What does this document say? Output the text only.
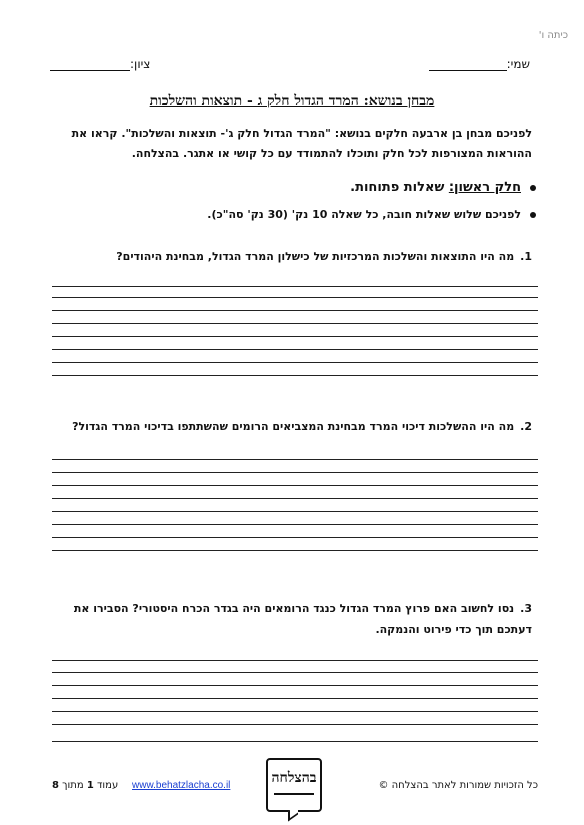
כיתה ו'
שמי:
ציון:
מבחן בנושא: המרד הגדול חלק ג - תוצאות והשלכות
לפניכם מבחן בן ארבעה חלקים בנושא: "המרד הגדול חלק ג'- תוצאות והשלכות". קראו את ההוראות המצורפות לכל חלק ותוכלו להתמודד עם כל קושי או אתגר. בהצלחה.
חלק ראשון: שאלות פתוחות.
לפניכם שלוש שאלות חובה, כל שאלה 10 נק' (30 נק' סה"כ).
1.מה היו התוצאות והשלכות המרכזיות של כישלון המרד הגדול, מבחינת היהודים?
2.מה היו ההשלכות דיכוי המרד מבחינת המצביאים הרומים שהשתתפו בדיכוי המרד הגדול?
3.נסו לחשוב האם פרוץ המרד הגדול כנגד הרומאים היה בגדר הכרח היסטורי? הסבירו את דעתכם תוך כדי פירוט והנמקה.
כל הזכויות שמורות לאתר בהצלחה ©
בהצלחה
www.behatzlacha.co.il
עמוד 1 מתוך 8
